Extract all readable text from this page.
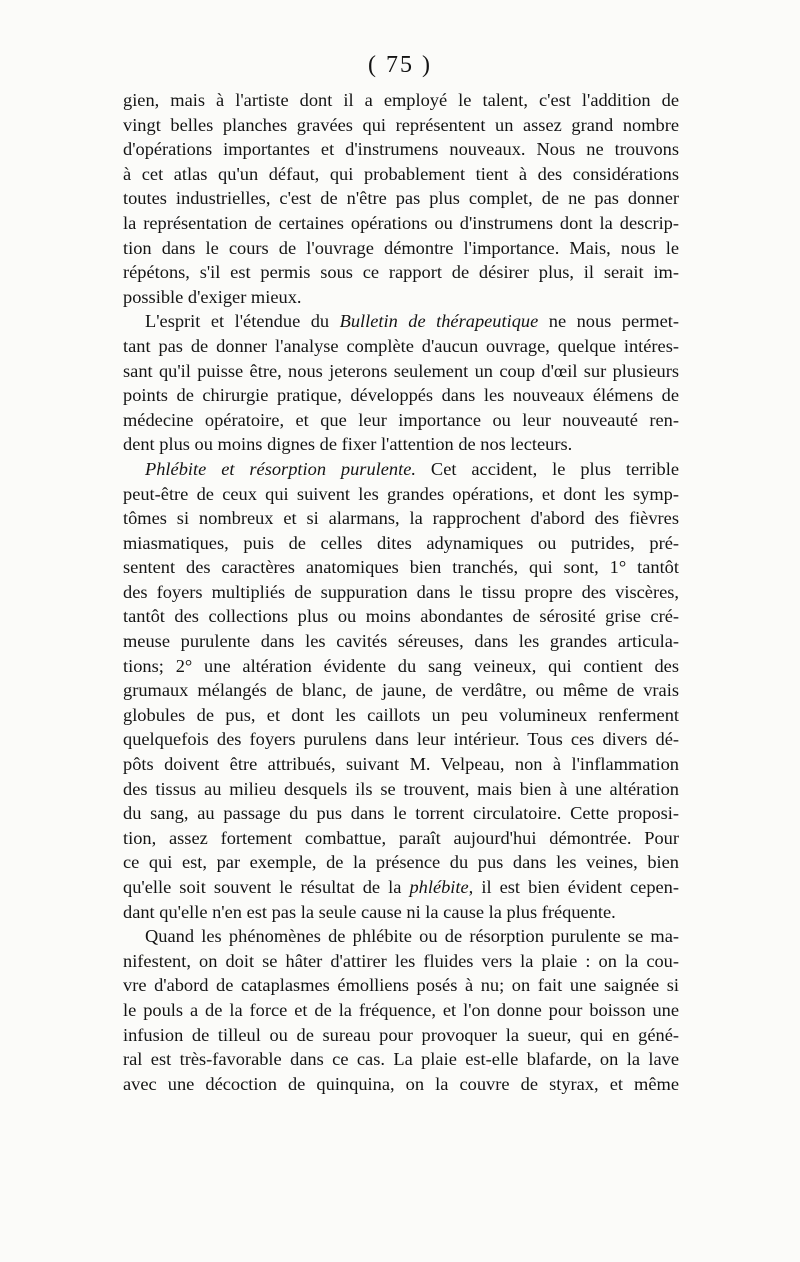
( 75 )
gien, mais à l'artiste dont il a employé le talent, c'est l'addition de
vingt belles planches gravées qui représentent un assez grand nombre
d'opérations importantes et d'instrumens nouveaux. Nous ne trouvons
à cet atlas qu'un défaut, qui probablement tient à des considérations
toutes industrielles, c'est de n'être pas plus complet, de ne pas donner
la représentation de certaines opérations ou d'instrumens dont la descrip-
tion dans le cours de l'ouvrage démontre l'importance. Mais, nous le
répétons, s'il est permis sous ce rapport de désirer plus, il serait im-
possible d'exiger mieux.
L'esprit et l'étendue du Bulletin de thérapeutique ne nous permet-
tant pas de donner l'analyse complète d'aucun ouvrage, quelque intéres-
sant qu'il puisse être, nous jeterons seulement un coup d'œil sur plusieurs
points de chirurgie pratique, développés dans les nouveaux élémens de
médecine opératoire, et que leur importance ou leur nouveauté ren-
dent plus ou moins dignes de fixer l'attention de nos lecteurs.
Phlébite et résorption purulente. Cet accident, le plus terrible
peut-être de ceux qui suivent les grandes opérations, et dont les symp-
tômes si nombreux et si alarmans, la rapprochent d'abord des fièvres
miasmatiques, puis de celles dites adynamiques ou putrides, pré-
sentent des caractères anatomiques bien tranchés, qui sont, 1° tantôt
des foyers multipliés de suppuration dans le tissu propre des viscères,
tantôt des collections plus ou moins abondantes de sérosité grise cré-
meuse purulente dans les cavités séreuses, dans les grandes articula-
tions; 2° une altération évidente du sang veineux, qui contient des
grumaux mélangés de blanc, de jaune, de verdâtre, ou même de vrais
globules de pus, et dont les caillots un peu volumineux renferment
quelquefois des foyers purulens dans leur intérieur. Tous ces divers dé-
pôts doivent être attribués, suivant M. Velpeau, non à l'inflammation
des tissus au milieu desquels ils se trouvent, mais bien à une altération
du sang, au passage du pus dans le torrent circulatoire. Cette proposi-
tion, assez fortement combattue, paraît aujourd'hui démontrée. Pour
ce qui est, par exemple, de la présence du pus dans les veines, bien
qu'elle soit souvent le résultat de la phlébite, il est bien évident cepen-
dant qu'elle n'en est pas la seule cause ni la cause la plus fréquente.
Quand les phénomènes de phlébite ou de résorption purulente se ma-
nifestent, on doit se hâter d'attirer les fluides vers la plaie : on la cou-
vre d'abord de cataplasmes émolliens posés à nu; on fait une saignée si
le pouls a de la force et de la fréquence, et l'on donne pour boisson une
infusion de tilleul ou de sureau pour provoquer la sueur, qui en géné-
ral est très-favorable dans ce cas. La plaie est-elle blafarde, on la lave
avec une décoction de quinquina, on la couvre de styrax, et même
